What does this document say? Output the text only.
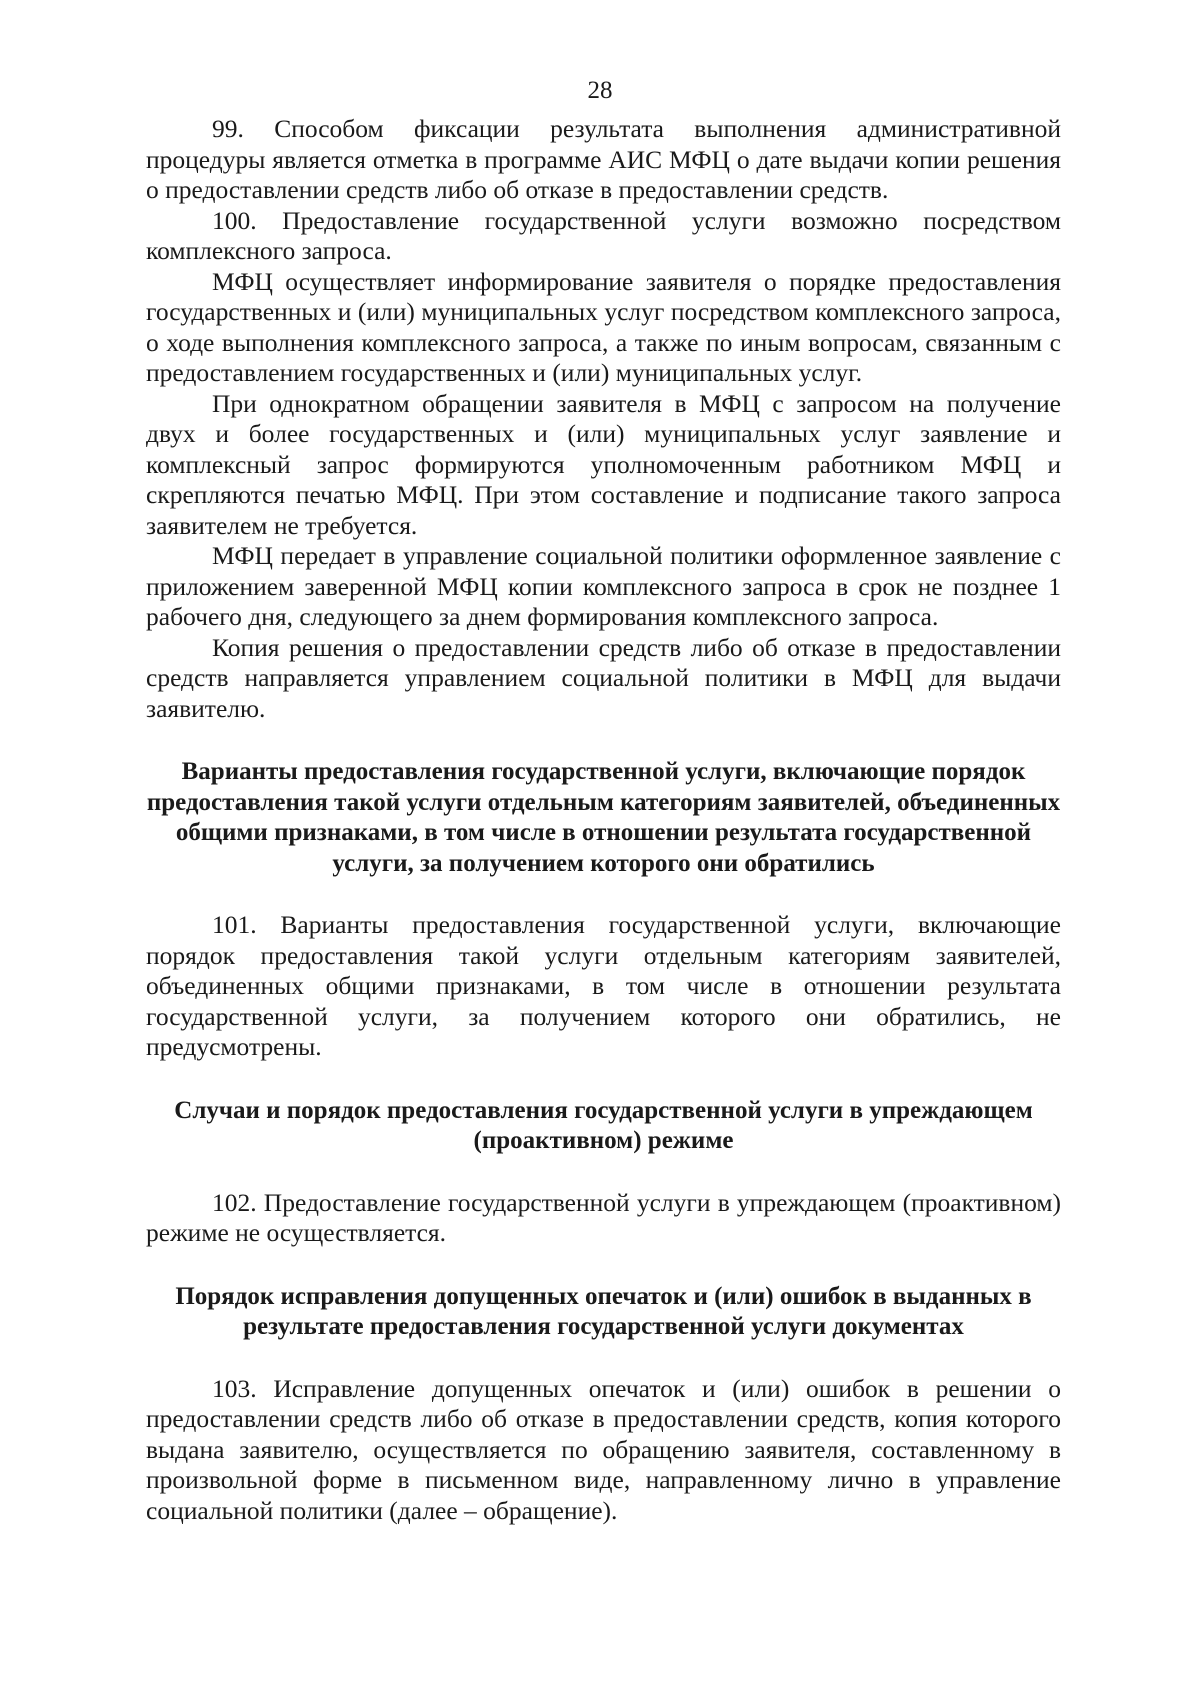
28

99. Способом фиксации результата выполнения административной процедуры является отметка в программе АИС МФЦ о дате выдачи копии решения о предоставлении средств либо об отказе в предоставлении средств.

100. Предоставление государственной услуги возможно посредством комплексного запроса.

МФЦ осуществляет информирование заявителя о порядке предоставления государственных и (или) муниципальных услуг посредством комплексного запроса, о ходе выполнения комплексного запроса, а также по иным вопросам, связанным с предоставлением государственных и (или) муниципальных услуг.

При однократном обращении заявителя в МФЦ с запросом на получение двух и более государственных и (или) муниципальных услуг заявление и комплексный запрос формируются уполномоченным работником МФЦ и скрепляются печатью МФЦ. При этом составление и подписание такого запроса заявителем не требуется.

МФЦ передает в управление социальной политики оформленное заявление с приложением заверенной МФЦ копии комплексного запроса в срок не позднее 1 рабочего дня, следующего за днем формирования комплексного запроса.

Копия решения о предоставлении средств либо об отказе в предоставлении средств направляется управлением социальной политики в МФЦ для выдачи заявителю.

Варианты предоставления государственной услуги, включающие порядок предоставления такой услуги отдельным категориям заявителей, объединенных общими признаками, в том числе в отношении результата государственной услуги, за получением которого они обратились

101. Варианты предоставления государственной услуги, включающие порядок предоставления такой услуги отдельным категориям заявителей, объединенных общими признаками, в том числе в отношении результата государственной услуги, за получением которого они обратились, не предусмотрены.

Случаи и порядок предоставления государственной услуги в упреждающем (проактивном) режиме

102. Предоставление государственной услуги в упреждающем (проактивном) режиме не осуществляется.

Порядок исправления допущенных опечаток и (или) ошибок в выданных в результате предоставления государственной услуги документах

103. Исправление допущенных опечаток и (или) ошибок в решении о предоставлении средств либо об отказе в предоставлении средств, копия которого выдана заявителю, осуществляется по обращению заявителя, составленному в произвольной форме в письменном виде, направленному лично в управление социальной политики (далее – обращение).
